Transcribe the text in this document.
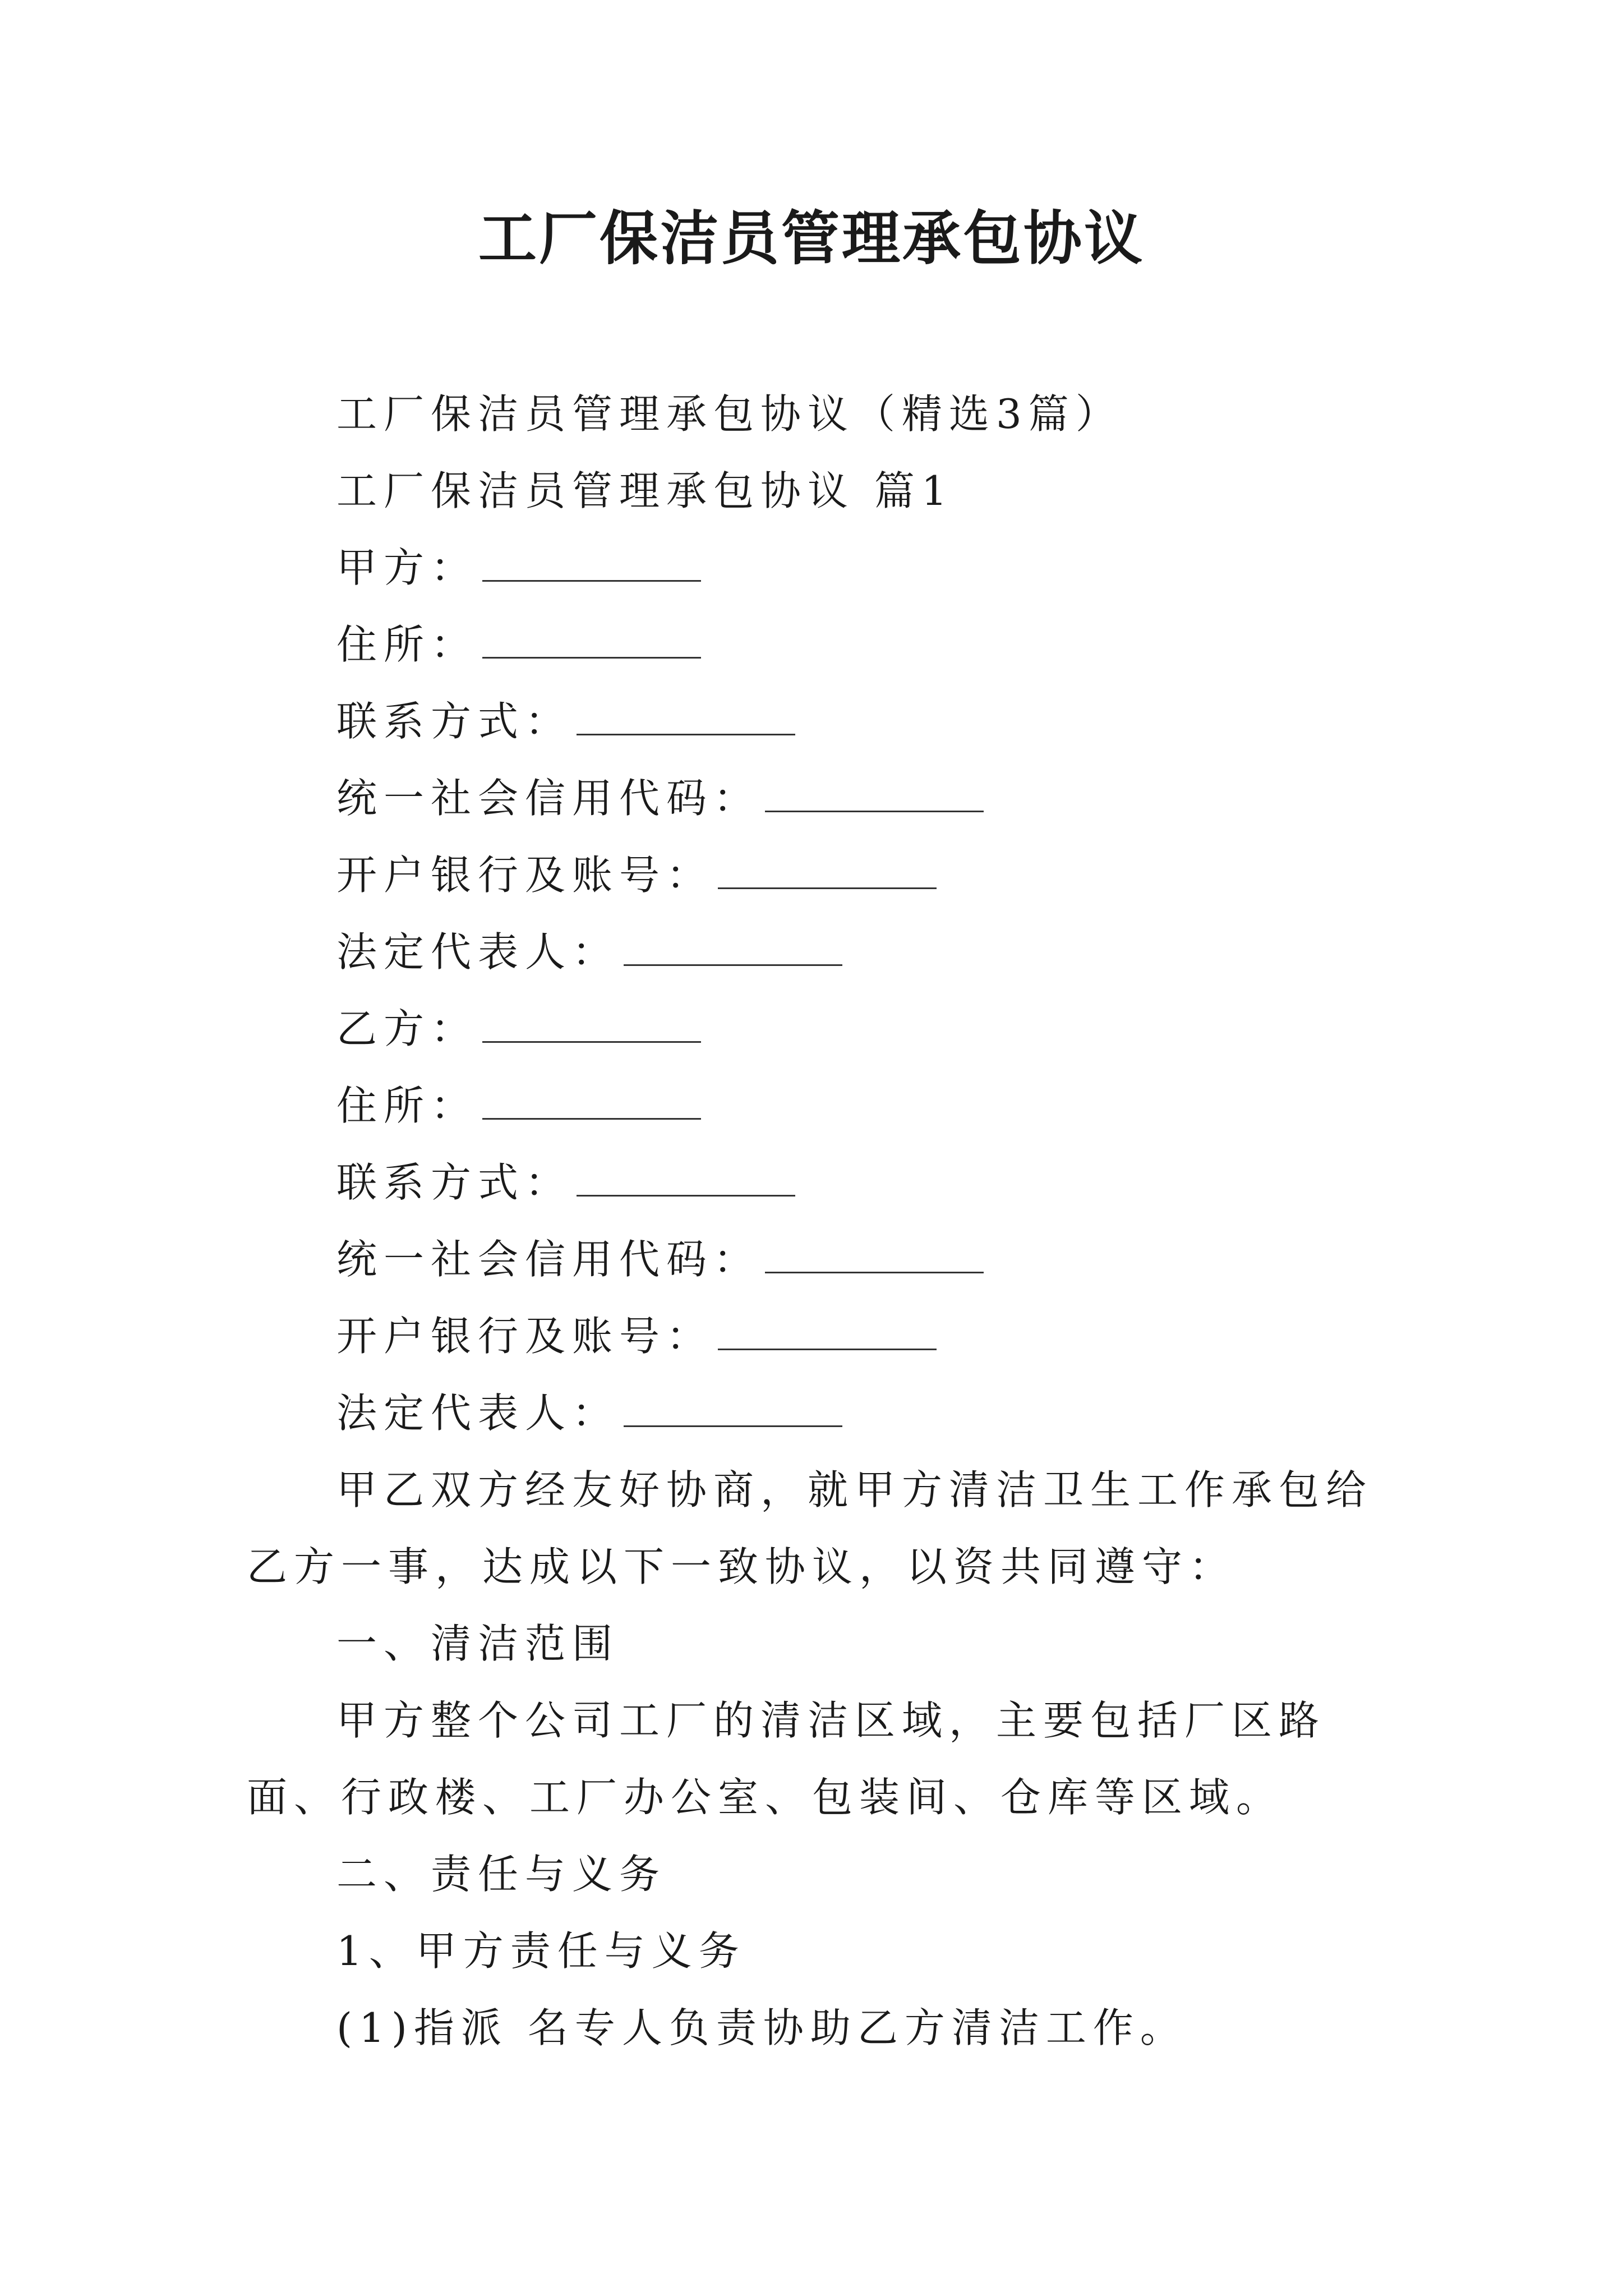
工厂保洁员管理承包协议
工厂保洁员管理承包协议（精选3篇）
工厂保洁员管理承包协议 篇1
甲方：
住所：
联系方式：
统一社会信用代码：
开户银行及账号：
法定代表人：
乙方：
住所：
联系方式：
统一社会信用代码：
开户银行及账号：
法定代表人：

甲乙双方经友好协商，就甲方清洁卫生工作承包给乙方一事，达成以下一致协议，以资共同遵守：

一、清洁范围

甲方整个公司工厂的清洁区域，主要包括厂区路面、行政楼、工厂办公室、包装间、仓库等区域。

二、责任与义务
1、甲方责任与义务
(1)指派 名专人负责协助乙方清洁工作。
